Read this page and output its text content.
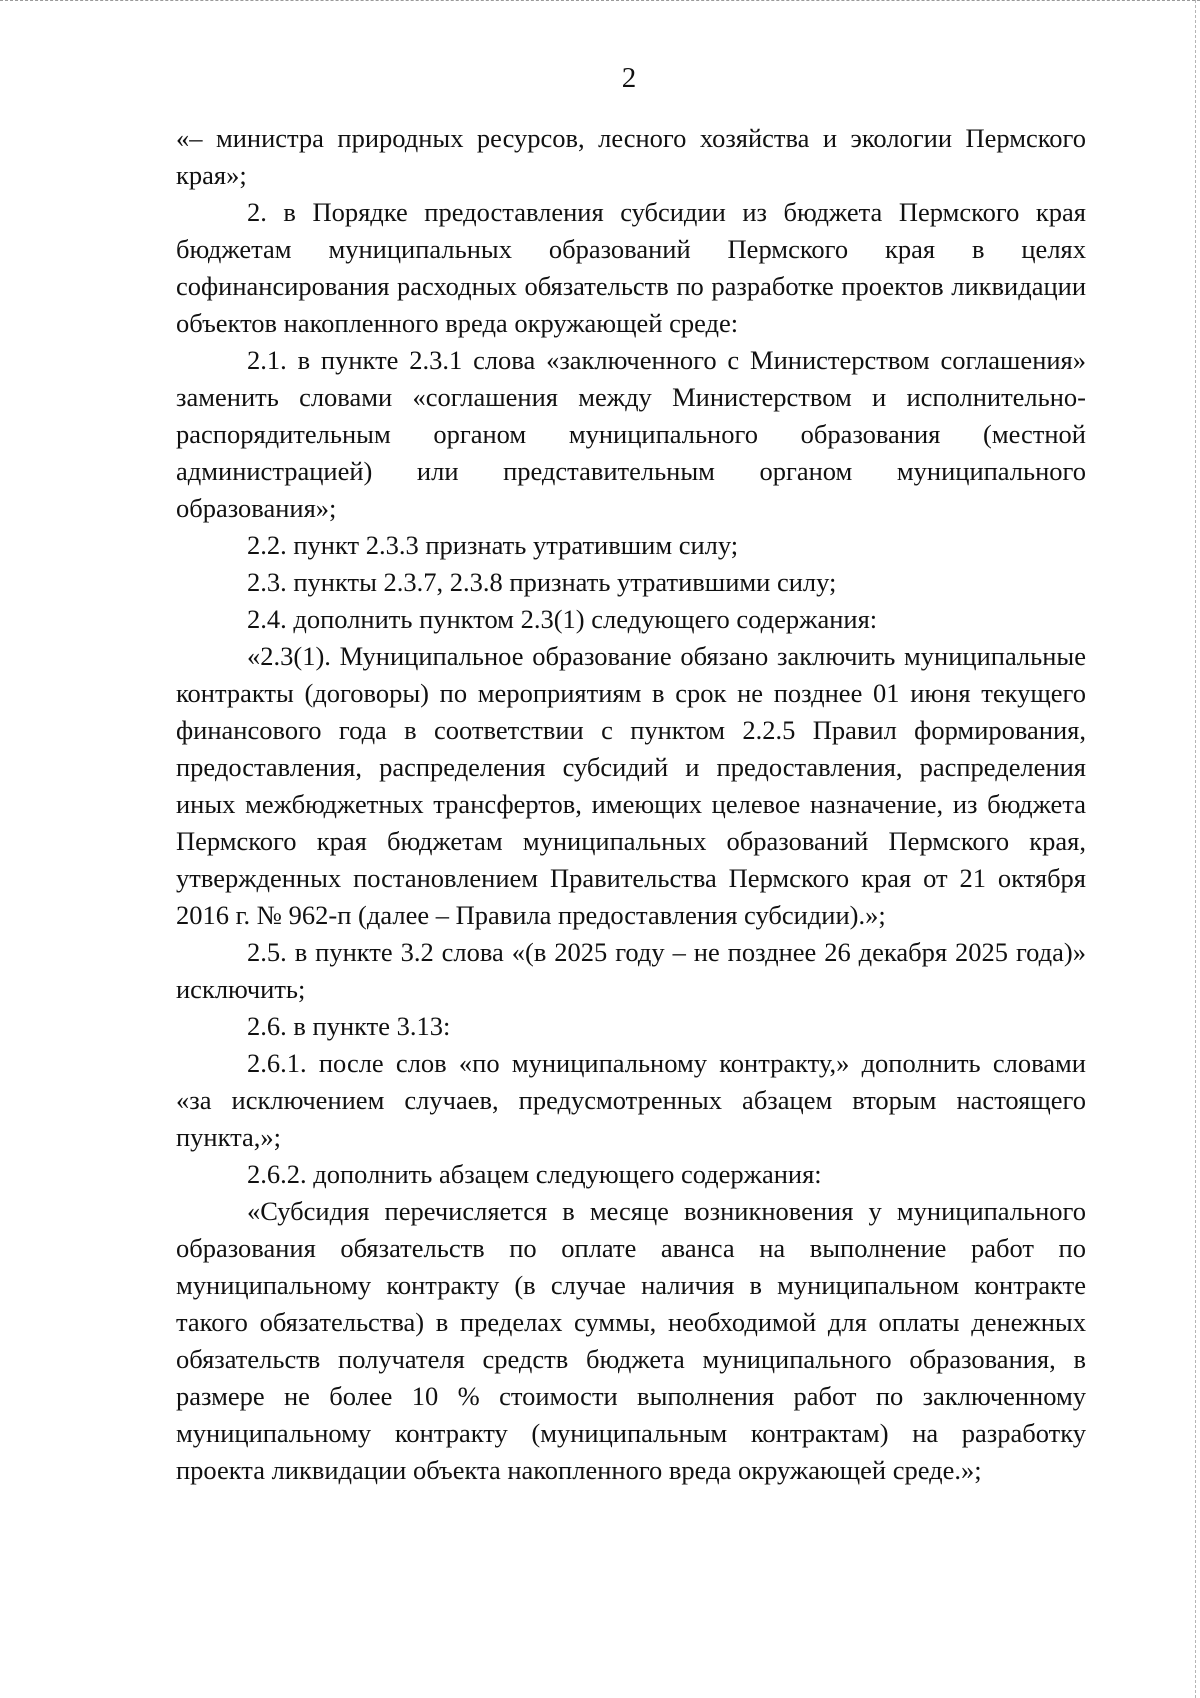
2

«– министра природных ресурсов, лесного хозяйства и экологии Пермского края»;

2. в Порядке предоставления субсидии из бюджета Пермского края бюджетам муниципальных образований Пермского края в целях софинансирования расходных обязательств по разработке проектов ликвидации объектов накопленного вреда окружающей среде:

2.1. в пункте 2.3.1 слова «заключенного с Министерством соглашения» заменить словами «соглашения между Министерством и исполнительно-распорядительным органом муниципального образования (местной администрацией) или представительным органом муниципального образования»;

2.2. пункт 2.3.3 признать утратившим силу;

2.3. пункты 2.3.7, 2.3.8 признать утратившими силу;

2.4. дополнить пунктом 2.3(1) следующего содержания:

«2.3(1). Муниципальное образование обязано заключить муниципальные контракты (договоры) по мероприятиям в срок не позднее 01 июня текущего финансового года в соответствии с пунктом 2.2.5 Правил формирования, предоставления, распределения субсидий и предоставления, распределения иных межбюджетных трансфертов, имеющих целевое назначение, из бюджета Пермского края бюджетам муниципальных образований Пермского края, утвержденных постановлением Правительства Пермского края от 21 октября 2016 г. № 962-п (далее – Правила предоставления субсидии).»;

2.5. в пункте 3.2 слова «(в 2025 году – не позднее 26 декабря 2025 года)» исключить;

2.6. в пункте 3.13:

2.6.1. после слов «по муниципальному контракту,» дополнить словами «за исключением случаев, предусмотренных абзацем вторым настоящего пункта,»;

2.6.2. дополнить абзацем следующего содержания:

«Субсидия перечисляется в месяце возникновения у муниципального образования обязательств по оплате аванса на выполнение работ по муниципальному контракту (в случае наличия в муниципальном контракте такого обязательства) в пределах суммы, необходимой для оплаты денежных обязательств получателя средств бюджета муниципального образования, в размере не более 10 % стоимости выполнения работ по заключенному муниципальному контракту (муниципальным контрактам) на разработку проекта ликвидации объекта накопленного вреда окружающей среде.»;
